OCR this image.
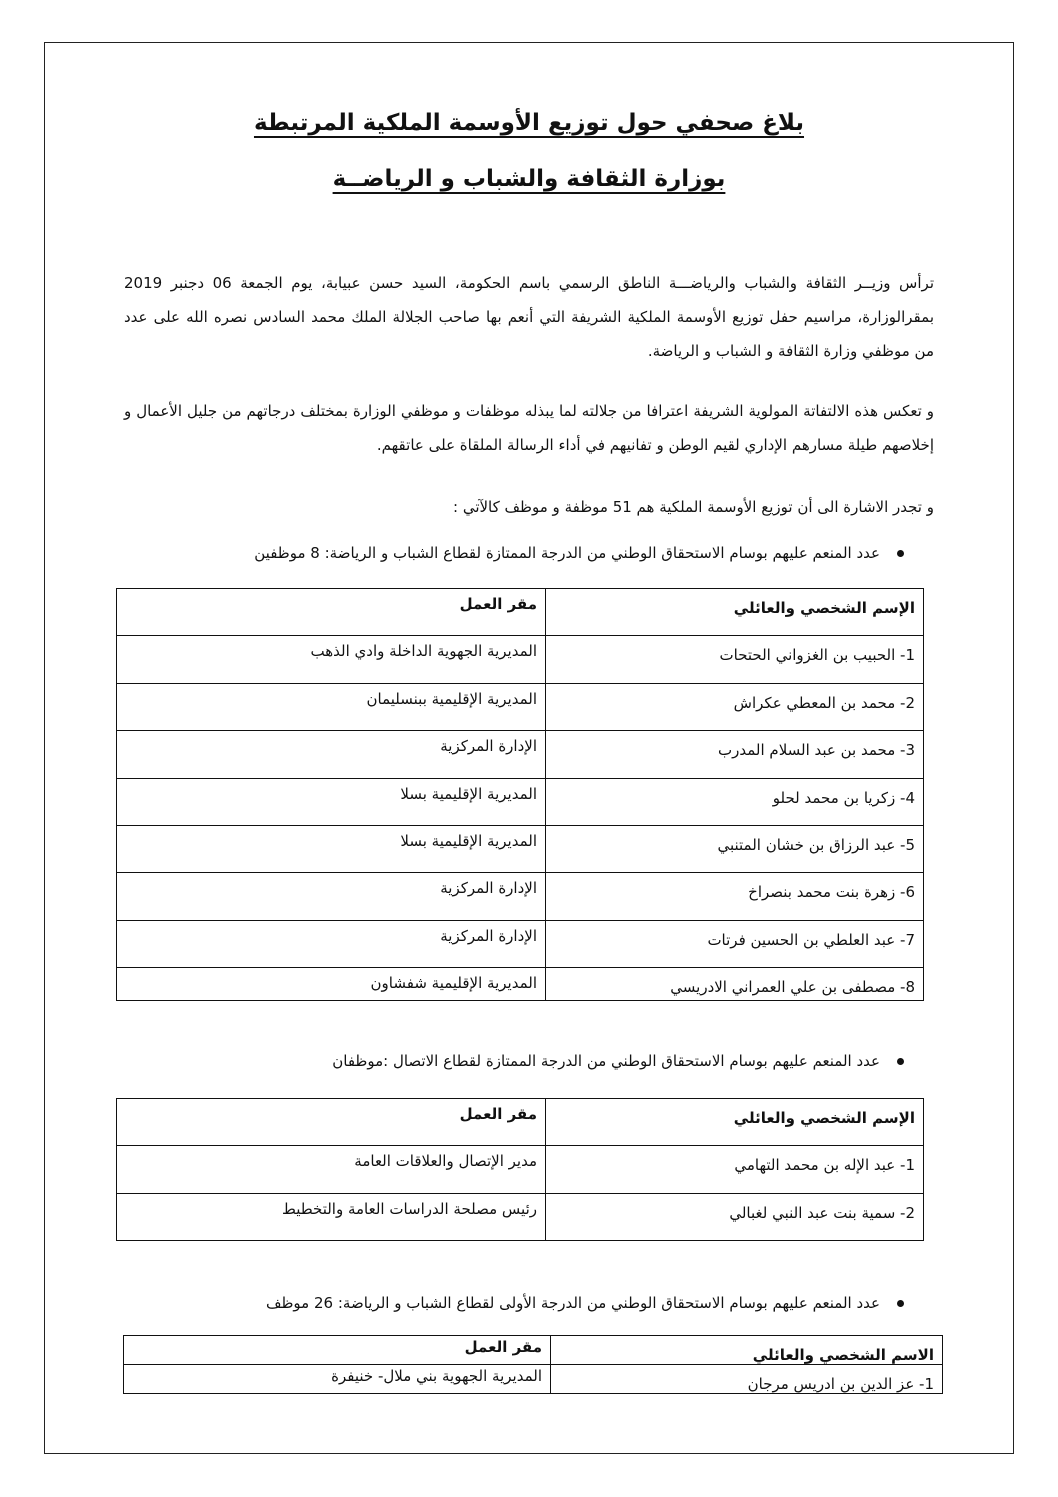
بلاغ صحفي حول توزيع الأوسمة الملكية المرتبطة
بوزارة الثقافة والشباب و الرياضــة

ترأس وزيــر الثقافة والشباب والرياضـــة الناطق الرسمي باسم الحكومة، السيد حسن عبيابة، يوم الجمعة 06 دجنبر 2019 بمقرالوزارة، مراسيم حفل توزيع الأوسمة الملكية الشريفة التي أنعم بها صاحب الجلالة الملك محمد السادس نصره الله على عدد من موظفي وزارة الثقافة و الشباب و الرياضة.

و تعكس هذه الالتفاتة المولوية الشريفة اعترافا من جلالته لما يبذله موظفات و موظفي الوزارة بمختلف درجاتهم من جليل الأعمال و إخلاصهم طيلة مسارهم الإداري لقيم الوطن و تفانيهم في أداء الرسالة الملقاة على عاتقهم.

و تجدر الاشارة الى أن توزيع الأوسمة الملكية هم 51 موظفة و موظف كالآتي :

عدد المنعم عليهم بوسام الاستحقاق الوطني من الدرجة الممتازة لقطاع الشباب و الرياضة: 8 موظفين

الإسم الشخصي والعائلي	مقر العمل
1- الحبيب بن الغزواني الحتحات	المديرية الجهوية الداخلة وادي الذهب
2- محمد بن المعطي عكراش	المديرية الإقليمية ببنسليمان
3- محمد بن عبد السلام المدرب	الإدارة المركزية
4- زكريا بن محمد لحلو	المديرية الإقليمية بسلا
5- عبد الرزاق بن خشان المتنبي	المديرية الإقليمية بسلا
6- زهرة بنت محمد بنصراخ	الإدارة المركزية
7- عبد العلطي بن الحسين فرتات	الإدارة المركزية
8- مصطفى بن علي العمراني الادريسي	المديرية الإقليمية شفشاون

عدد المنعم عليهم بوسام الاستحقاق الوطني من الدرجة الممتازة لقطاع الاتصال :موظفان

الإسم الشخصي والعائلي	مقر العمل
1- عبد الإله بن محمد التهامي	مدير الإتصال والعلاقات العامة
2- سمية بنت عبد النبي لغبالي	رئيس مصلحة الدراسات العامة والتخطيط

عدد المنعم عليهم بوسام الاستحقاق الوطني من الدرجة الأولى لقطاع الشباب و الرياضة: 26 موظف

الاسم الشخصي والعائلي	مقر العمل
1- عز الدين بن ادريس مرجان	المديرية الجهوية بني ملال- خنيفرة
